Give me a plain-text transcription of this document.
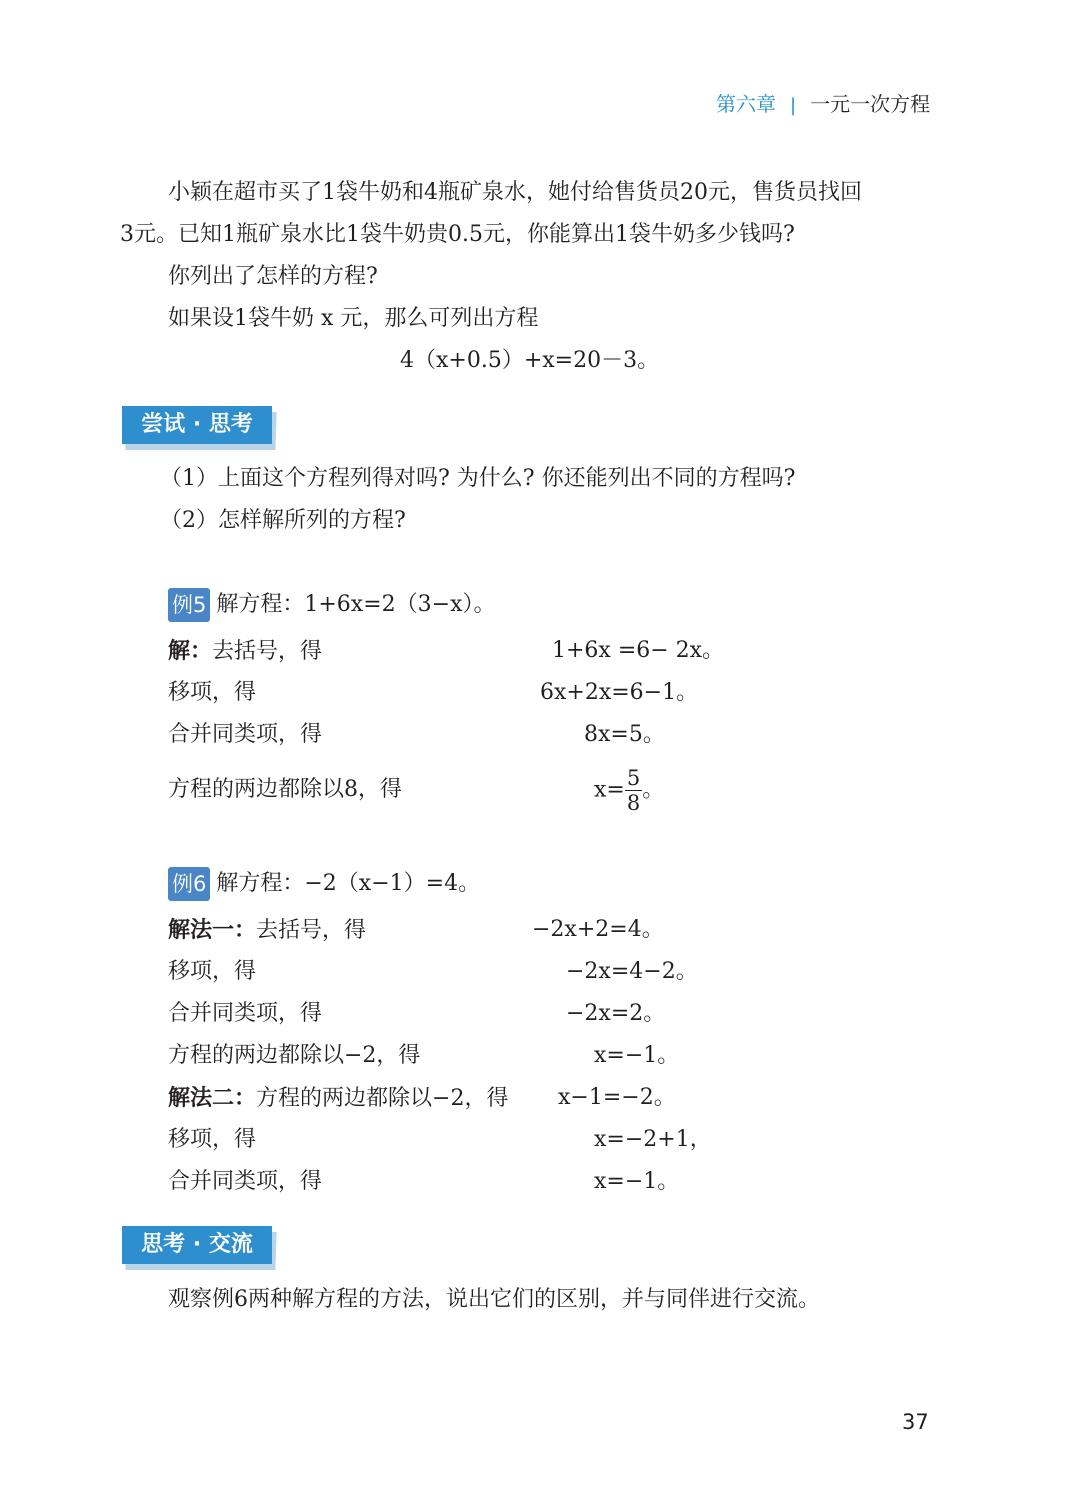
第六章 | 一元一次方程
小颖在超市买了1袋牛奶和4瓶矿泉水，她付给售货员20元，售货员找回
3元。已知1瓶矿泉水比1袋牛奶贵0.5元，你能算出1袋牛奶多少钱吗?
你列出了怎样的方程?
如果设1袋牛奶 x 元，那么可列出方程
4（x+0.5）+x=20－3。
尝试 · 思考
（1）上面这个方程列得对吗? 为什么? 你还能列出不同的方程吗?
（2）怎样解所列的方程?
例5 解方程：1+6x=2（3−x）。
解：去括号，得	1+6x =6− 2x。
移项，得	6x+2x=6−1。
合并同类项，得	8x=5。
方程的两边都除以8，得	$x= \frac{5}{8}$ 。
例6 解方程：−2（x−1）=4。
解法一：去括号，得	−2x+2=4。
移项，得	−2x=4−2。
合并同类项，得	−2x=2。
方程的两边都除以−2，得	x=−1。
解法二：方程的两边都除以−2，得 x−1=−2。
移项，得	x=−2+1，
合并同类项，得	x=−1。
思考 · 交流
观察例6两种解方程的方法，说出它们的区别，并与同伴进行交流。
37
